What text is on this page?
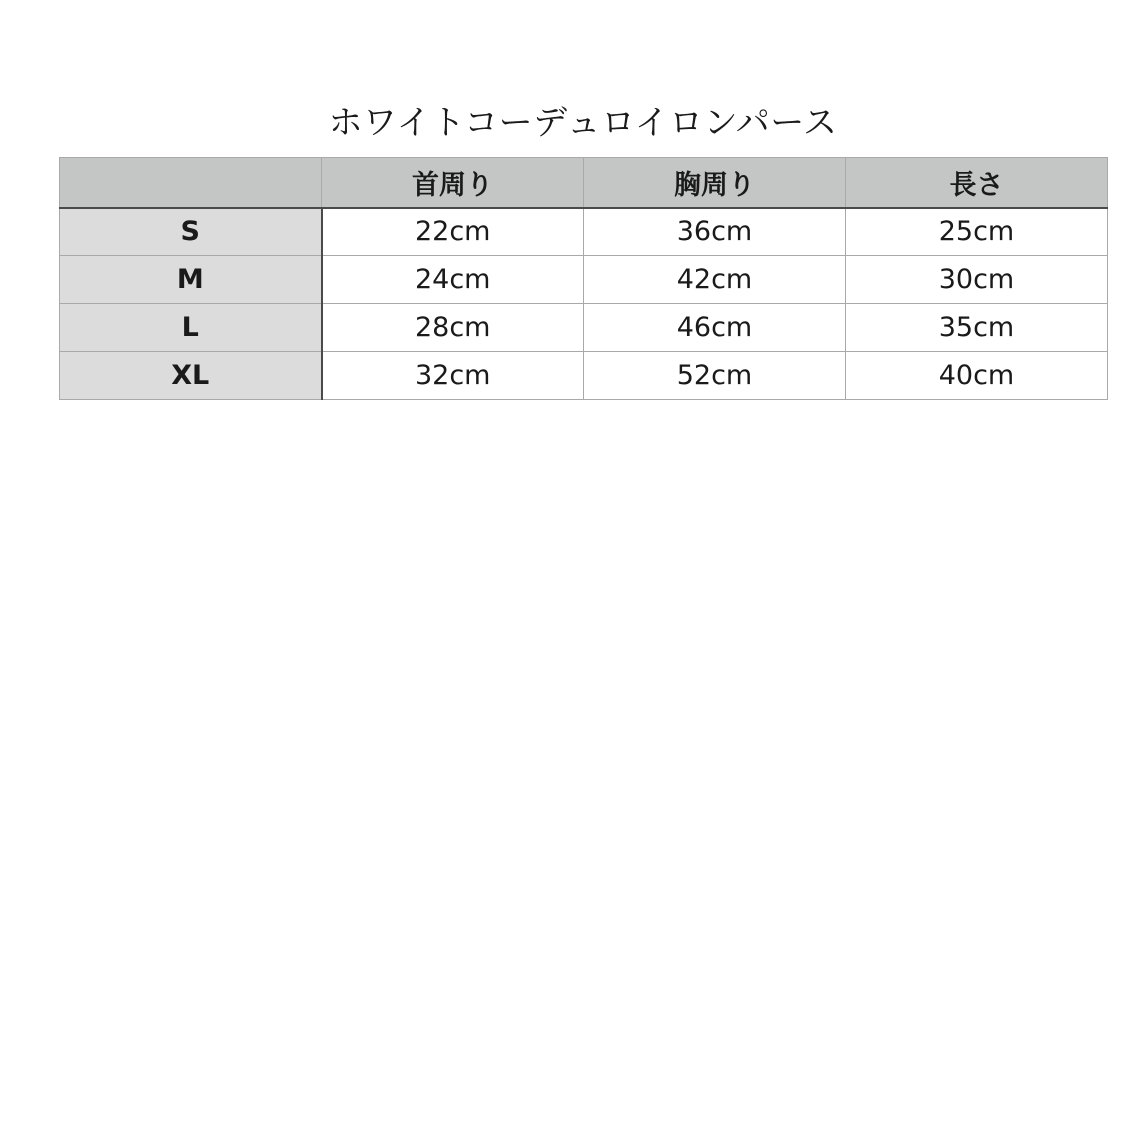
ホワイトコーデュロイロンパース
	首周り	胸周り	長さ
S	22cm	36cm	25cm
M	24cm	42cm	30cm
L	28cm	46cm	35cm
XL	32cm	52cm	40cm
